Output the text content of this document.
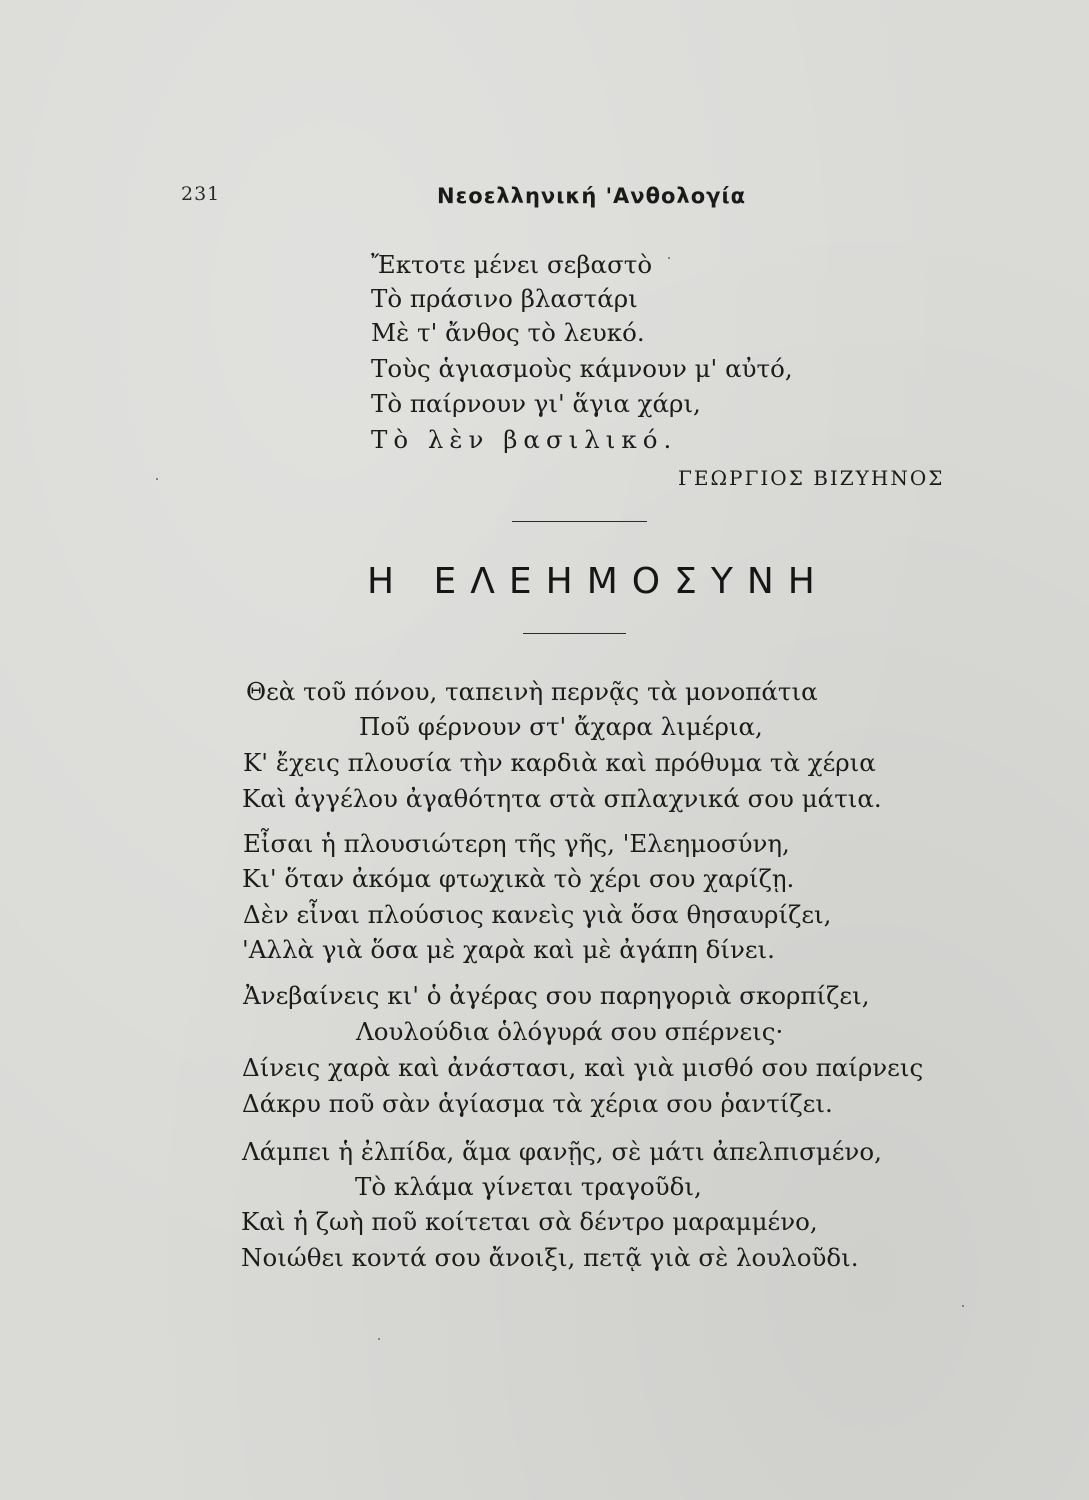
231	Νεοελληνική 'Ανθολογία
Ἔκτοτε μένει σεβαστὸ
Τὸ πράσινο βλαστάρι
Μὲ τ' ἄνθος τὸ λευκό.
Τοὺς ἁγιασμοὺς κάμνουν μ' αὐτό,
Τὸ παίρνουν γι' ἅγια χάρι,
Τὸ λὲν βασιλικό.
ΓΕΩΡΓΙΟΣ ΒΙΖΥΗΝΟΣ
Η ΕΛΕΗΜΟΣΥΝΗ
Θεὰ τοῦ πόνου, ταπεινὴ περνᾷς τὰ μονοπάτια
Ποῦ φέρνουν στ' ἄχαρα λιμέρια,
Κ' ἔχεις πλουσία τὴν καρδιὰ καὶ πρόθυμα τὰ χέρια
Καὶ ἀγγέλου ἀγαθότητα στὰ σπλαχνικά σου μάτια.
Εἶσαι ἡ πλουσιώτερη τῆς γῆς, 'Ελεημοσύνη,
Κι' ὅταν ἀκόμα φτωχικὰ τὸ χέρι σου χαρίζῃ.
Δὲν εἶναι πλούσιος κανεὶς γιὰ ὅσα θησαυρίζει,
'Αλλὰ γιὰ ὅσα μὲ χαρὰ καὶ μὲ ἀγάπη δίνει.
Ἀνεβαίνεις κι' ὁ ἀγέρας σου παρηγοριὰ σκορπίζει,
Λουλούδια ὁλόγυρά σου σπέρνεις·
Δίνεις χαρὰ καὶ ἀνάστασι, καὶ γιὰ μισθό σου παίρνεις
Δάκρυ ποῦ σὰν ἁγίασμα τὰ χέρια σου ῥαντίζει.
Λάμπει ἡ ἐλπίδα, ἅμα φανῇς, σὲ μάτι ἀπελπισμένο,
Τὸ κλάμα γίνεται τραγοῦδι,
Καὶ ἡ ζωὴ ποῦ κοίτεται σὰ δέντρο μαραμμένο,
Νοιώθει κοντά σου ἄνοιξι, πετᾷ γιὰ σὲ λουλοῦδι.
